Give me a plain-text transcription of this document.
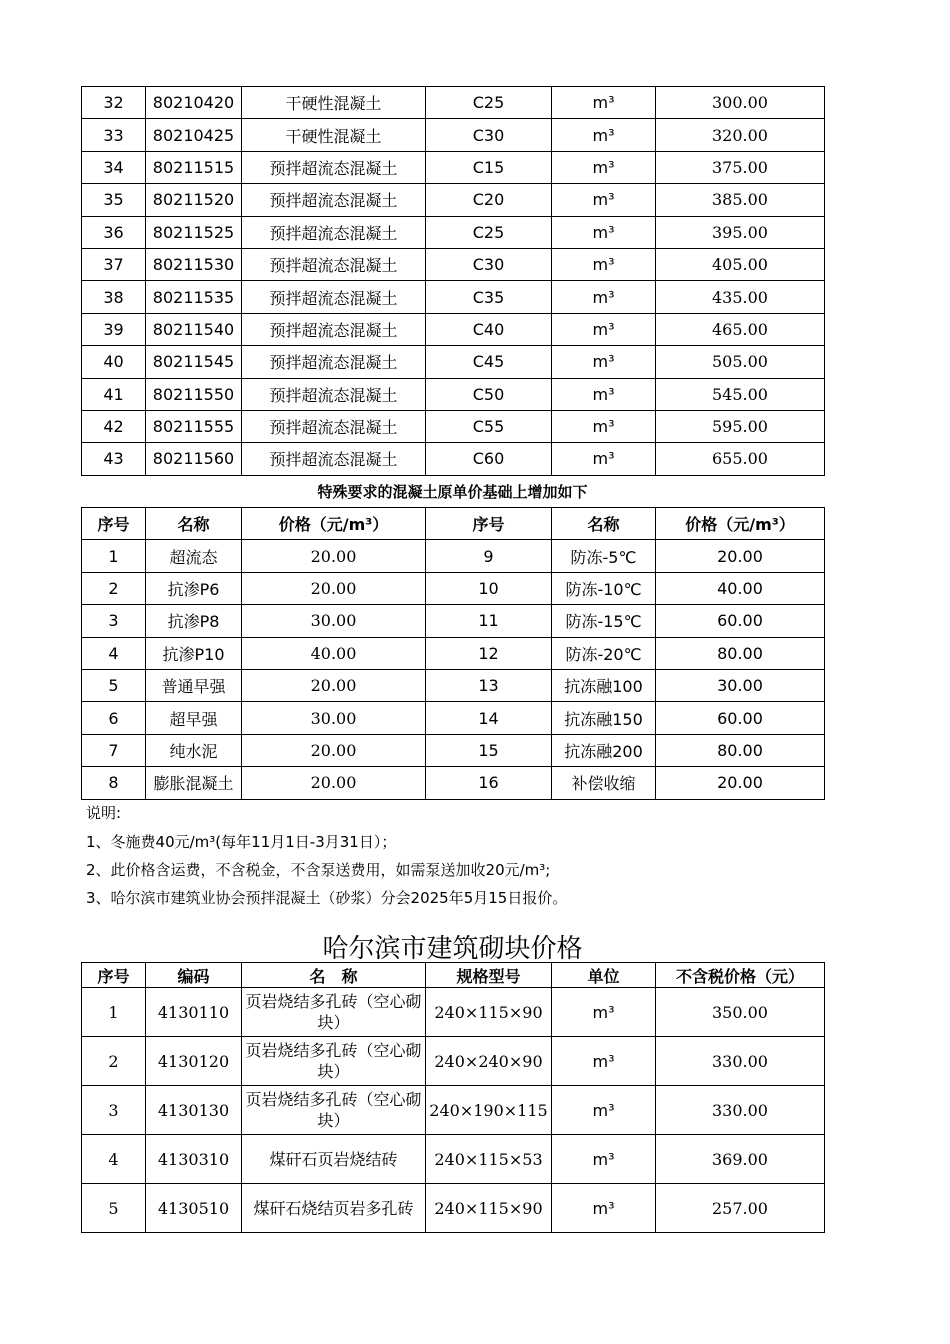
32	80210420	干硬性混凝土	C25	m³	300.00
33	80210425	干硬性混凝土	C30	m³	320.00
34	80211515	预拌超流态混凝土	C15	m³	375.00
35	80211520	预拌超流态混凝土	C20	m³	385.00
36	80211525	预拌超流态混凝土	C25	m³	395.00
37	80211530	预拌超流态混凝土	C30	m³	405.00
38	80211535	预拌超流态混凝土	C35	m³	435.00
39	80211540	预拌超流态混凝土	C40	m³	465.00
40	80211545	预拌超流态混凝土	C45	m³	505.00
41	80211550	预拌超流态混凝土	C50	m³	545.00
42	80211555	预拌超流态混凝土	C55	m³	595.00
43	80211560	预拌超流态混凝土	C60	m³	655.00
特殊要求的混凝土原单价基础上增加如下
序号	名称	价格（元/m³）	序号	名称	价格（元/m³）
1	超流态	20.00	9	防冻-5℃	20.00
2	抗渗P6	20.00	10	防冻-10℃	40.00
3	抗渗P8	30.00	11	防冻-15℃	60.00
4	抗渗P10	40.00	12	防冻-20℃	80.00
5	普通早强	20.00	13	抗冻融100	30.00
6	超早强	30.00	14	抗冻融150	60.00
7	纯水泥	20.00	15	抗冻融200	80.00
8	膨胀混凝土	20.00	16	补偿收缩	20.00
说明:
1、冬施费40元/m³(每年11月1日-3月31日）；
2、此价格含运费，不含税金，不含泵送费用，如需泵送加收20元/m³;
3、哈尔滨市建筑业协会预拌混凝土（砂浆）分会2025年5月15日报价。
哈尔滨市建筑砌块价格
序号	编码	名　称	规格型号	单位	不含税价格（元）
1	4130110	页岩烧结多孔砖（空心砌块）	240×115×90	m³	350.00
2	4130120	页岩烧结多孔砖（空心砌块）	240×240×90	m³	330.00
3	4130130	页岩烧结多孔砖（空心砌块）	240×190×115	m³	330.00
4	4130310	煤矸石页岩烧结砖	240×115×53	m³	369.00
5	4130510	煤矸石烧结页岩多孔砖	240×115×90	m³	257.00
